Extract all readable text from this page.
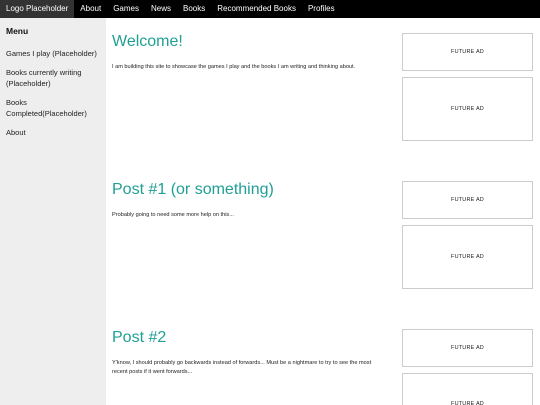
Logo Placeholder	About	Games	News	Books	Recommended Books	Profiles
Menu
Games I play (Placeholder)
Books currently writing (Placeholder)
Books Completed(Placeholder)
About
Welcome!
I am building this site to showcase the games I play and the books I am writing and thinking about.
Post #1 (or something)
Probably going to need some more help on this...
Post #2
Y'know, I should probably go backwards instead of forwards... Must be a nightmare to try to see the most recent posts if it went forwards...
FUTURE AD
FUTURE AD
FUTURE AD
FUTURE AD
FUTURE AD
FUTURE AD
